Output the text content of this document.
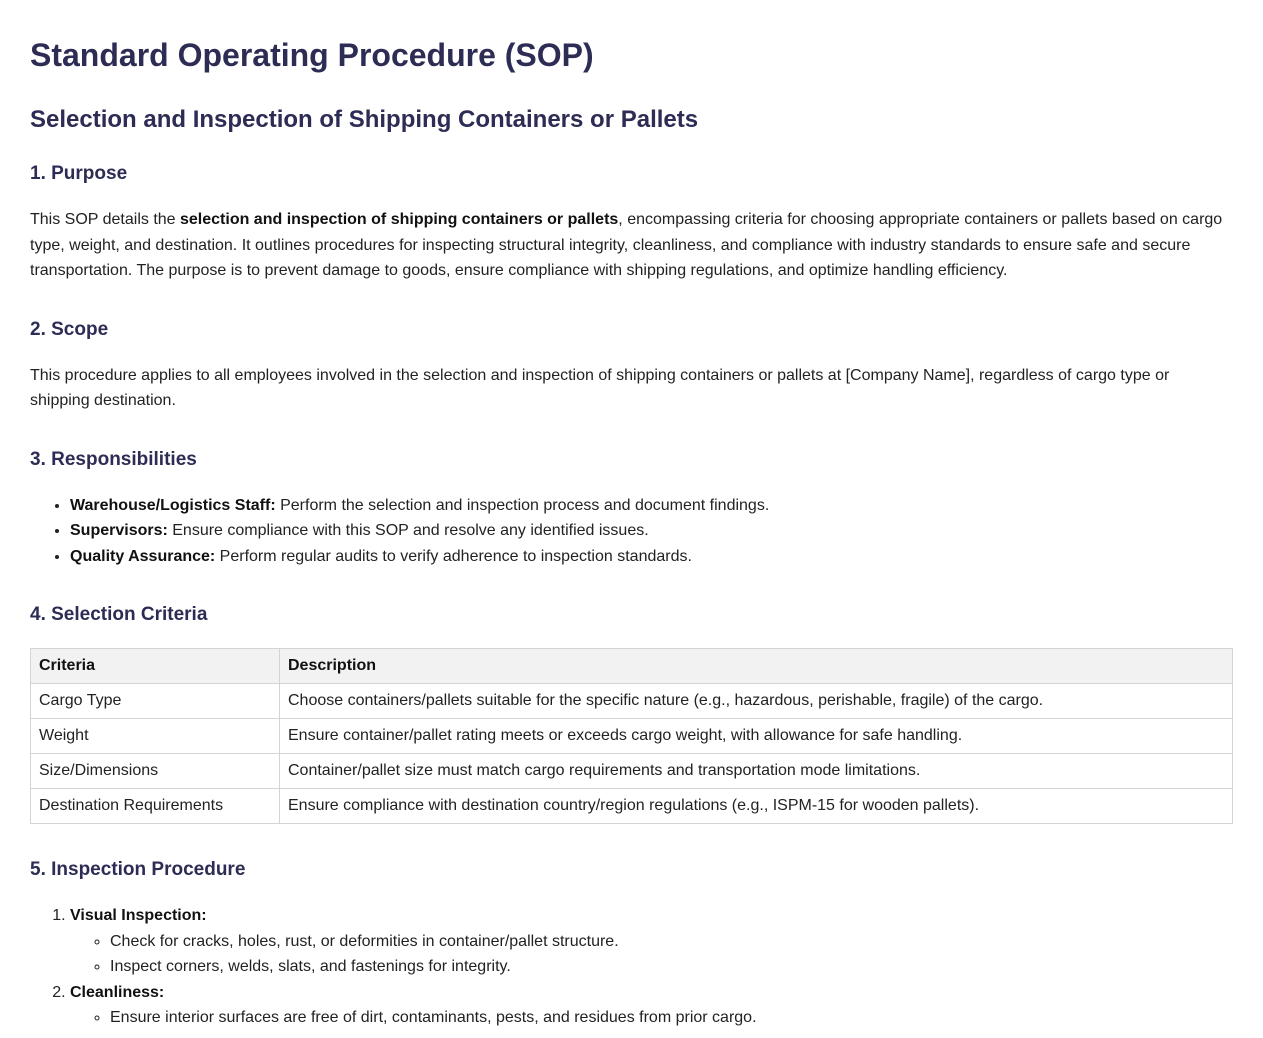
Standard Operating Procedure (SOP)
Selection and Inspection of Shipping Containers or Pallets
1. Purpose

This SOP details the selection and inspection of shipping containers or pallets, encompassing criteria for choosing appropriate containers or pallets based on cargo type, weight, and destination. It outlines procedures for inspecting structural integrity, cleanliness, and compliance with industry standards to ensure safe and secure transportation. The purpose is to prevent damage to goods, ensure compliance with shipping regulations, and optimize handling efficiency.

2. Scope

This procedure applies to all employees involved in the selection and inspection of shipping containers or pallets at [Company Name], regardless of cargo type or shipping destination.

3. Responsibilities
• Warehouse/Logistics Staff: Perform the selection and inspection process and document findings.
• Supervisors: Ensure compliance with this SOP and resolve any identified issues.
• Quality Assurance: Perform regular audits to verify adherence to inspection standards.
4. Selection Criteria
Criteria	Description
Cargo Type	Choose containers/pallets suitable for the specific nature (e.g., hazardous, perishable, fragile) of the cargo.
Weight	Ensure container/pallet rating meets or exceeds cargo weight, with allowance for safe handling.
Size/Dimensions	Container/pallet size must match cargo requirements and transportation mode limitations.
Destination Requirements	Ensure compliance with destination country/region regulations (e.g., ISPM-15 for wooden pallets).
5. Inspection Procedure
1. Visual Inspection:
◦ Check for cracks, holes, rust, or deformities in container/pallet structure.
◦ Inspect corners, welds, slats, and fastenings for integrity.
2. Cleanliness:
◦ Ensure interior surfaces are free of dirt, contaminants, pests, and residues from prior cargo.
